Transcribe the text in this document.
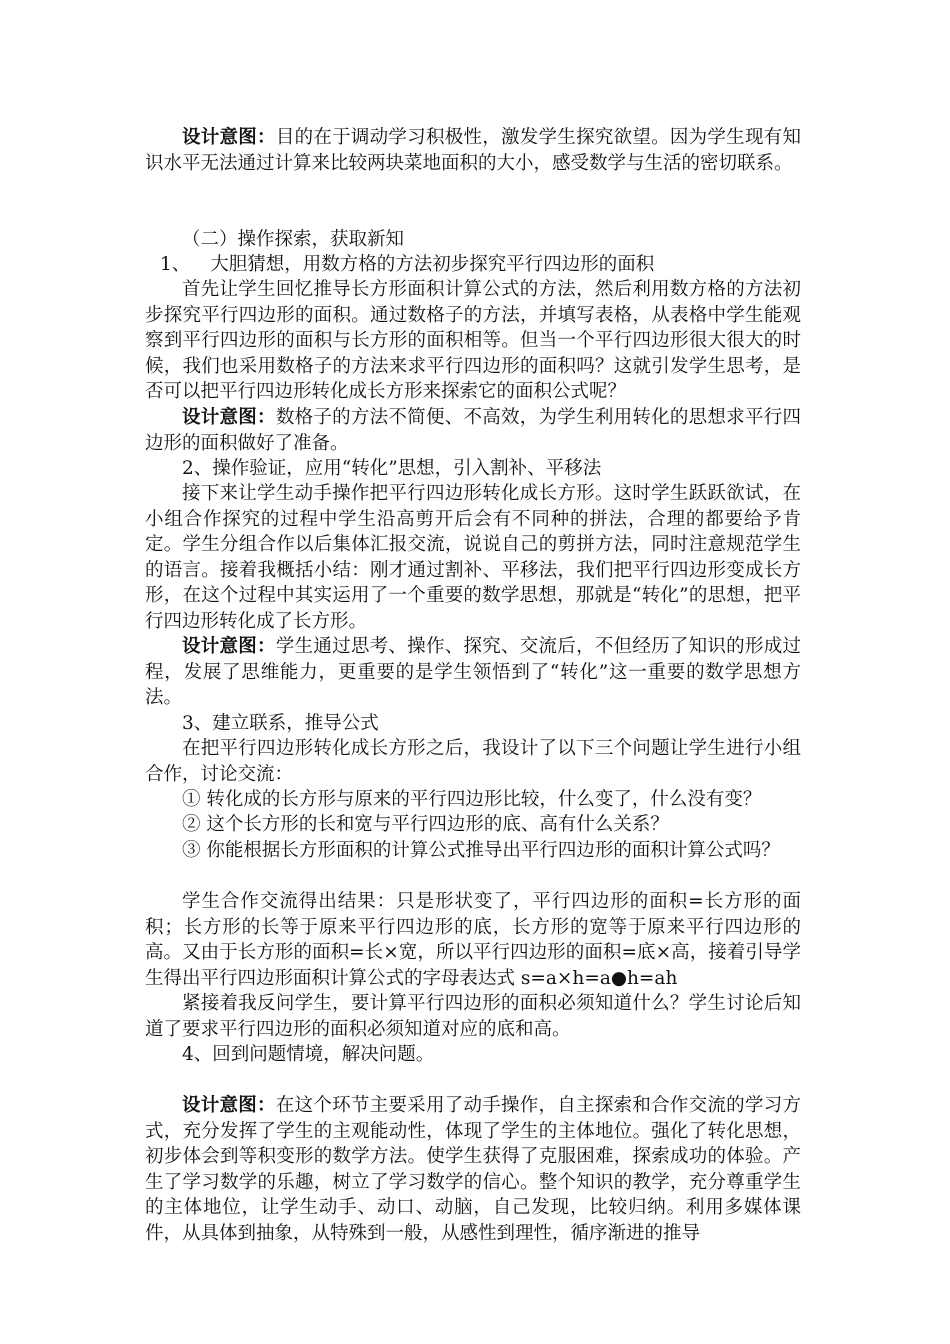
设计意图：目的在于调动学习积极性，激发学生探究欲望。因为学生现有知识水平无法通过计算来比较两块菜地面积的大小，感受数学与生活的密切联系。

（二）操作探索，获取新知

1、 大胆猜想，用数方格的方法初步探究平行四边形的面积

首先让学生回忆推导长方形面积计算公式的方法，然后利用数方格的方法初步探究平行四边形的面积。通过数格子的方法，并填写表格，从表格中学生能观察到平行四边形的面积与长方形的面积相等。但当一个平行四边形很大很大的时候，我们也采用数格子的方法来求平行四边形的面积吗？这就引发学生思考，是否可以把平行四边形转化成长方形来探索它的面积公式呢？

设计意图：数格子的方法不简便、不高效，为学生利用转化的思想求平行四边形的面积做好了准备。

2、操作验证，应用“转化”思想，引入割补、平移法

接下来让学生动手操作把平行四边形转化成长方形。这时学生跃跃欲试，在小组合作探究的过程中学生沿高剪开后会有不同种的拼法，合理的都要给予肯定。学生分组合作以后集体汇报交流，说说自己的剪拼方法，同时注意规范学生的语言。接着我概括小结：刚才通过割补、平移法，我们把平行四边形变成长方形，在这个过程中其实运用了一个重要的数学思想，那就是“转化”的思想，把平行四边形转化成了长方形。

设计意图：学生通过思考、操作、探究、交流后，不但经历了知识的形成过程，发展了思维能力，更重要的是学生领悟到了“转化”这一重要的数学思想方法。

3、建立联系，推导公式

在把平行四边形转化成长方形之后，我设计了以下三个问题让学生进行小组合作，讨论交流：

① 转化成的长方形与原来的平行四边形比较，什么变了，什么没有变？

② 这个长方形的长和宽与平行四边形的底、高有什么关系？

③ 你能根据长方形面积的计算公式推导出平行四边形的面积计算公式吗？

学生合作交流得出结果：只是形状变了，平行四边形的面积=长方形的面积；长方形的长等于原来平行四边形的底，长方形的宽等于原来平行四边形的高。又由于长方形的面积=长×宽，所以平行四边形的面积=底×高，接着引导学生得出平行四边形面积计算公式的字母表达式 s=a×h=a●h=ah

紧接着我反问学生，要计算平行四边形的面积必须知道什么？学生讨论后知道了要求平行四边形的面积必须知道对应的底和高。

4、回到问题情境，解决问题。

设计意图：在这个环节主要采用了动手操作，自主探索和合作交流的学习方式，充分发挥了学生的主观能动性，体现了学生的主体地位。强化了转化思想，初步体会到等积变形的数学方法。使学生获得了克服困难，探索成功的体验。产生了学习数学的乐趣，树立了学习数学的信心。整个知识的教学，充分尊重学生的主体地位，让学生动手、动口、动脑，自己发现，比较归纳。利用多媒体课件，从具体到抽象，从特殊到一般，从感性到理性，循序渐进的推导
